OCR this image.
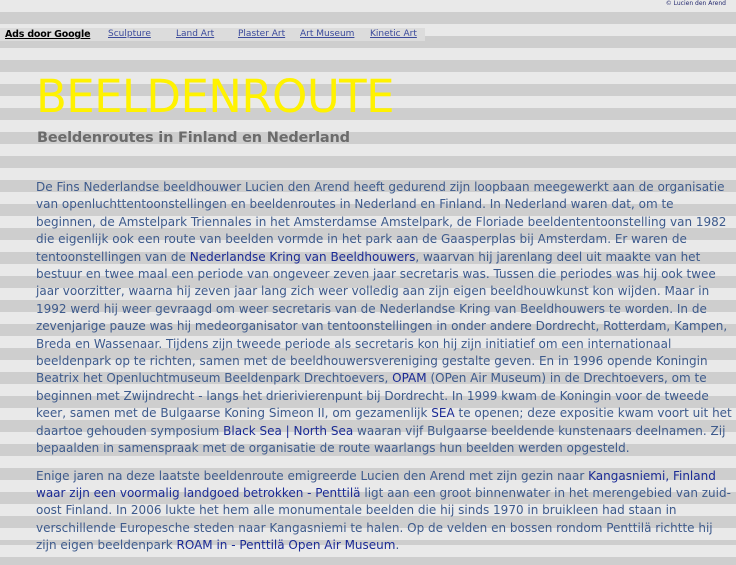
© Lucien den Arend
Ads door Google Sculpture	Land Art	Plaster Art Art Museum Kinetic Art
BEELDENROUTE
Beeldenroutes in Finland en Nederland

De Fins Nederlandse beeldhouwer Lucien den Arend heeft gedurend zijn loopbaan meegewerkt aan de organisatie van openluchttentoonstellingen en beeldenroutes in Nederland en Finland. In Nederland waren dat, om te beginnen, de Amstelpark Triennales in het Amsterdamse Amstelpark, de Floriade beeldententoonstelling van 1982 die eigenlijk ook een route van beelden vormde in het park aan de Gaasperplas bij Amsterdam. Er waren de tentoonstellingen van de Nederlandse Kring van Beeldhouwers, waarvan hij jarenlang deel uit maakte van het bestuur en twee maal een periode van ongeveer zeven jaar secretaris was. Tussen die periodes was hij ook twee jaar voorzitter, waarna hij zeven jaar lang zich weer volledig aan zijn eigen beeldhouwkunst kon wijden. Maar in 1992 werd hij weer gevraagd om weer secretaris van de Nederlandse Kring van Beeldhouwers te worden. In de zevenjarige pauze was hij medeorganisator van tentoonstellingen in onder andere Dordrecht, Rotterdam, Kampen, Breda en Wassenaar. Tijdens zijn tweede periode als secretaris kon hij zijn initiatief om een internationaal beeldenpark op te richten, samen met de beeldhouwersvereniging gestalte geven. En in 1996 opende Koningin Beatrix het Openluchtmuseum Beeldenpark Drechtoevers, OPAM (OPen Air Museum) in de Drechtoevers, om te beginnen met Zwijndrecht - langs het drierivierenpunt bij Dordrecht. In 1999 kwam de Koningin voor de tweede keer, samen met de Bulgaarse Koning Simeon II, om gezamenlijk SEA te openen; deze expositie kwam voort uit het daartoe gehouden symposium Black Sea | North Sea waaran vijf Bulgaarse beeldende kunstenaars deelnamen. Zij bepaalden in samenspraak met de organisatie de route waarlangs hun beelden werden opgesteld.

Enige jaren na deze laatste beeldenroute emigreerde Lucien den Arend met zijn gezin naar Kangasniemi, Finland waar zijn een voormalig landgoed betrokken - Penttilä ligt aan een groot binnenwater in het merengebied van zuid-oost Finland. In 2006 lukte het hem alle monumentale beelden die hij sinds 1970 in bruikleen had staan in verschillende Europesche steden naar Kangasniemi te halen. Op de velden en bossen rondom Penttilä richtte hij zijn eigen beeldenpark ROAM in - Penttilä Open Air Museum.
